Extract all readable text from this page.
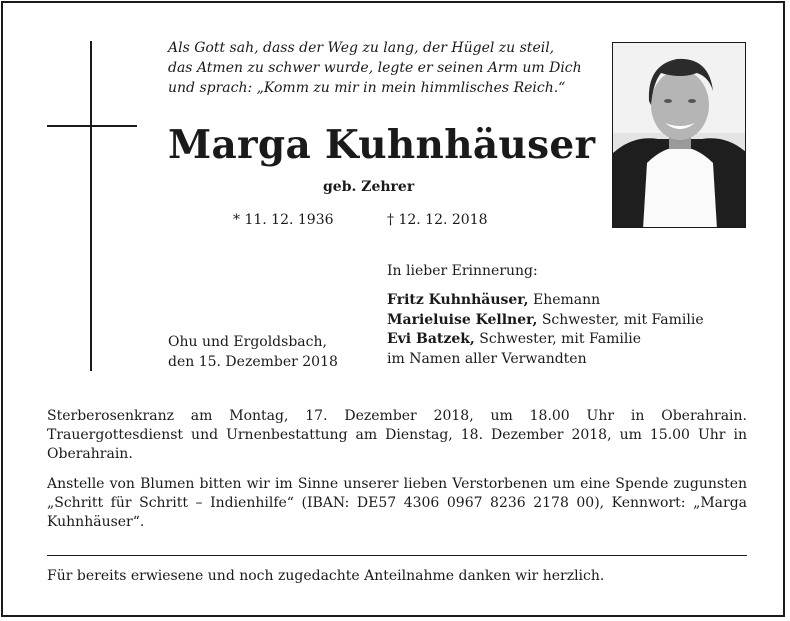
Als Gott sah, dass der Weg zu lang, der Hügel zu steil,
das Atmen zu schwer wurde, legte er seinen Arm um Dich
und sprach: „Komm zu mir in mein himmlisches Reich.“
Marga Kuhnhäuser
geb. Zehrer
* 11. 12. 1936	† 12. 12. 2018
In lieber Erinnerung:
Fritz Kuhnhäuser, Ehemann
Marieluise Kellner, Schwester, mit Familie
Evi Batzek, Schwester, mit Familie
im Namen aller Verwandten
Ohu und Ergoldsbach,
den 15. Dezember 2018
Sterberosenkranz am Montag, 17. Dezember 2018, um 18.00 Uhr in Oberahrain. Trauergottesdienst und Urnenbestattung am Dienstag, 18. Dezember 2018, um 15.00 Uhr in Oberahrain.
Anstelle von Blumen bitten wir im Sinne unserer lieben Verstorbenen um eine Spende zugunsten „Schritt für Schritt – Indienhilfe“ (IBAN: DE57 4306 0967 8236 2178 00), Kennwort: „Marga Kuhnhäuser“.
Für bereits erwiesene und noch zugedachte Anteilnahme danken wir herzlich.
